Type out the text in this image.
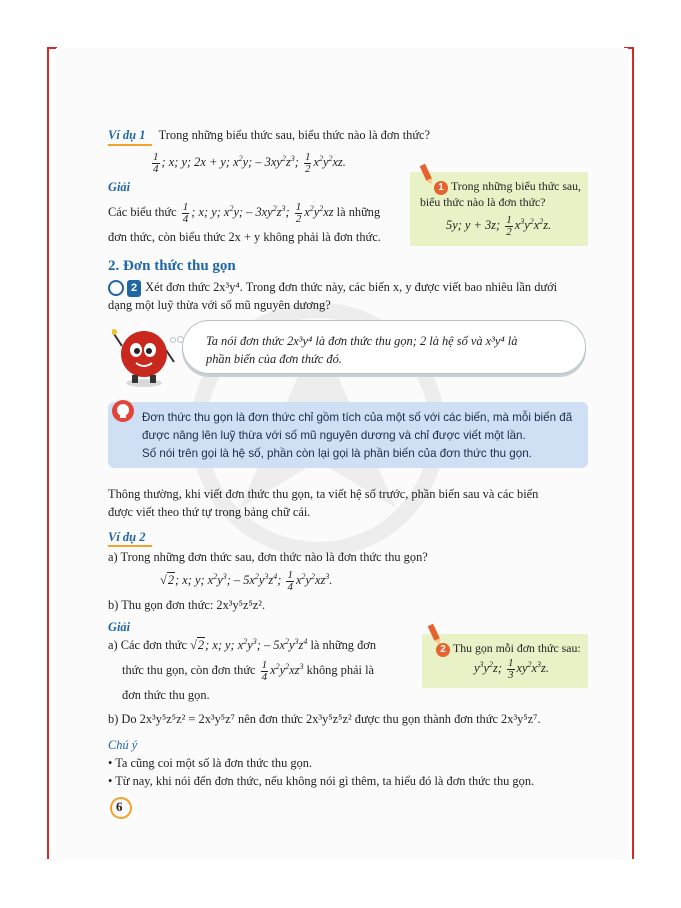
Ví dụ 1 Trong những biểu thức sau, biểu thức nào là đơn thức?
$\frac{1}{4}$ ; x; y; 2x + y; $x^2y$; – $3xy^2z^3$; $\frac{1}{2} x^2y^2xz$.
Giải
Các biểu thức $\frac{1}{4}$ ; x; y; $x^2y$; – $3xy^2z^3$; $\frac{1}{2} x^2y^2xz$ là những
đơn thức, còn biểu thức 2x + y không phải là đơn thức.
1 Trong những biểu thức sau,
biểu thức nào là đơn thức?
5y; y + 3z; $\frac{1}{2} x^3y^2x^2z$.
2. Đơn thức thu gọn
2 Xét đơn thức 2x³y⁴. Trong đơn thức này, các biến x, y được viết bao nhiêu lần dưới
dạng một luỹ thừa với số mũ nguyên dương?
Ta nói đơn thức 2x³y⁴ là đơn thức thu gọn; 2 là hệ số và x³y⁴ là
phần biến của đơn thức đó.
Đơn thức thu gọn là đơn thức chỉ gồm tích của một số với các biến, mà mỗi biến đã
được nâng lên luỹ thừa với số mũ nguyên dương và chỉ được viết một lần.
Số nói trên gọi là hệ số, phần còn lại gọi là phần biến của đơn thức thu gọn.
Thông thường, khi viết đơn thức thu gọn, ta viết hệ số trước, phần biến sau và các biến
được viết theo thứ tự trong bảng chữ cái.
Ví dụ 2
a) Trong những đơn thức sau, đơn thức nào là đơn thức thu gọn?
√2; x; y; $x^2y^3$; – $5x^2y^3z^4$; $\frac{1}{4} x^2y^2xz^3$.
b) Thu gọn đơn thức: 2x³y⁵z⁵z².
Giải
a) Các đơn thức √2; x; y; $x^2y^3$; – $5x^2y^3z^4$ là những đơn
thức thu gọn, còn đơn thức $\frac{1}{4} x^2y^2xz^3$ không phải là
đơn thức thu gọn.
2 Thu gọn mỗi đơn thức sau:
$y^3y^2z$; $\frac{1}{3} xy^2x^3z$.
b) Do 2x³y⁵z⁵z² = 2x³y⁵z⁷ nên đơn thức 2x³y⁵z⁵z² được thu gọn thành đơn thức 2x³y⁵z⁷.
Chú ý
• Ta cũng coi một số là đơn thức thu gọn.
• Từ nay, khi nói đến đơn thức, nếu không nói gì thêm, ta hiểu đó là đơn thức thu gọn.
6
